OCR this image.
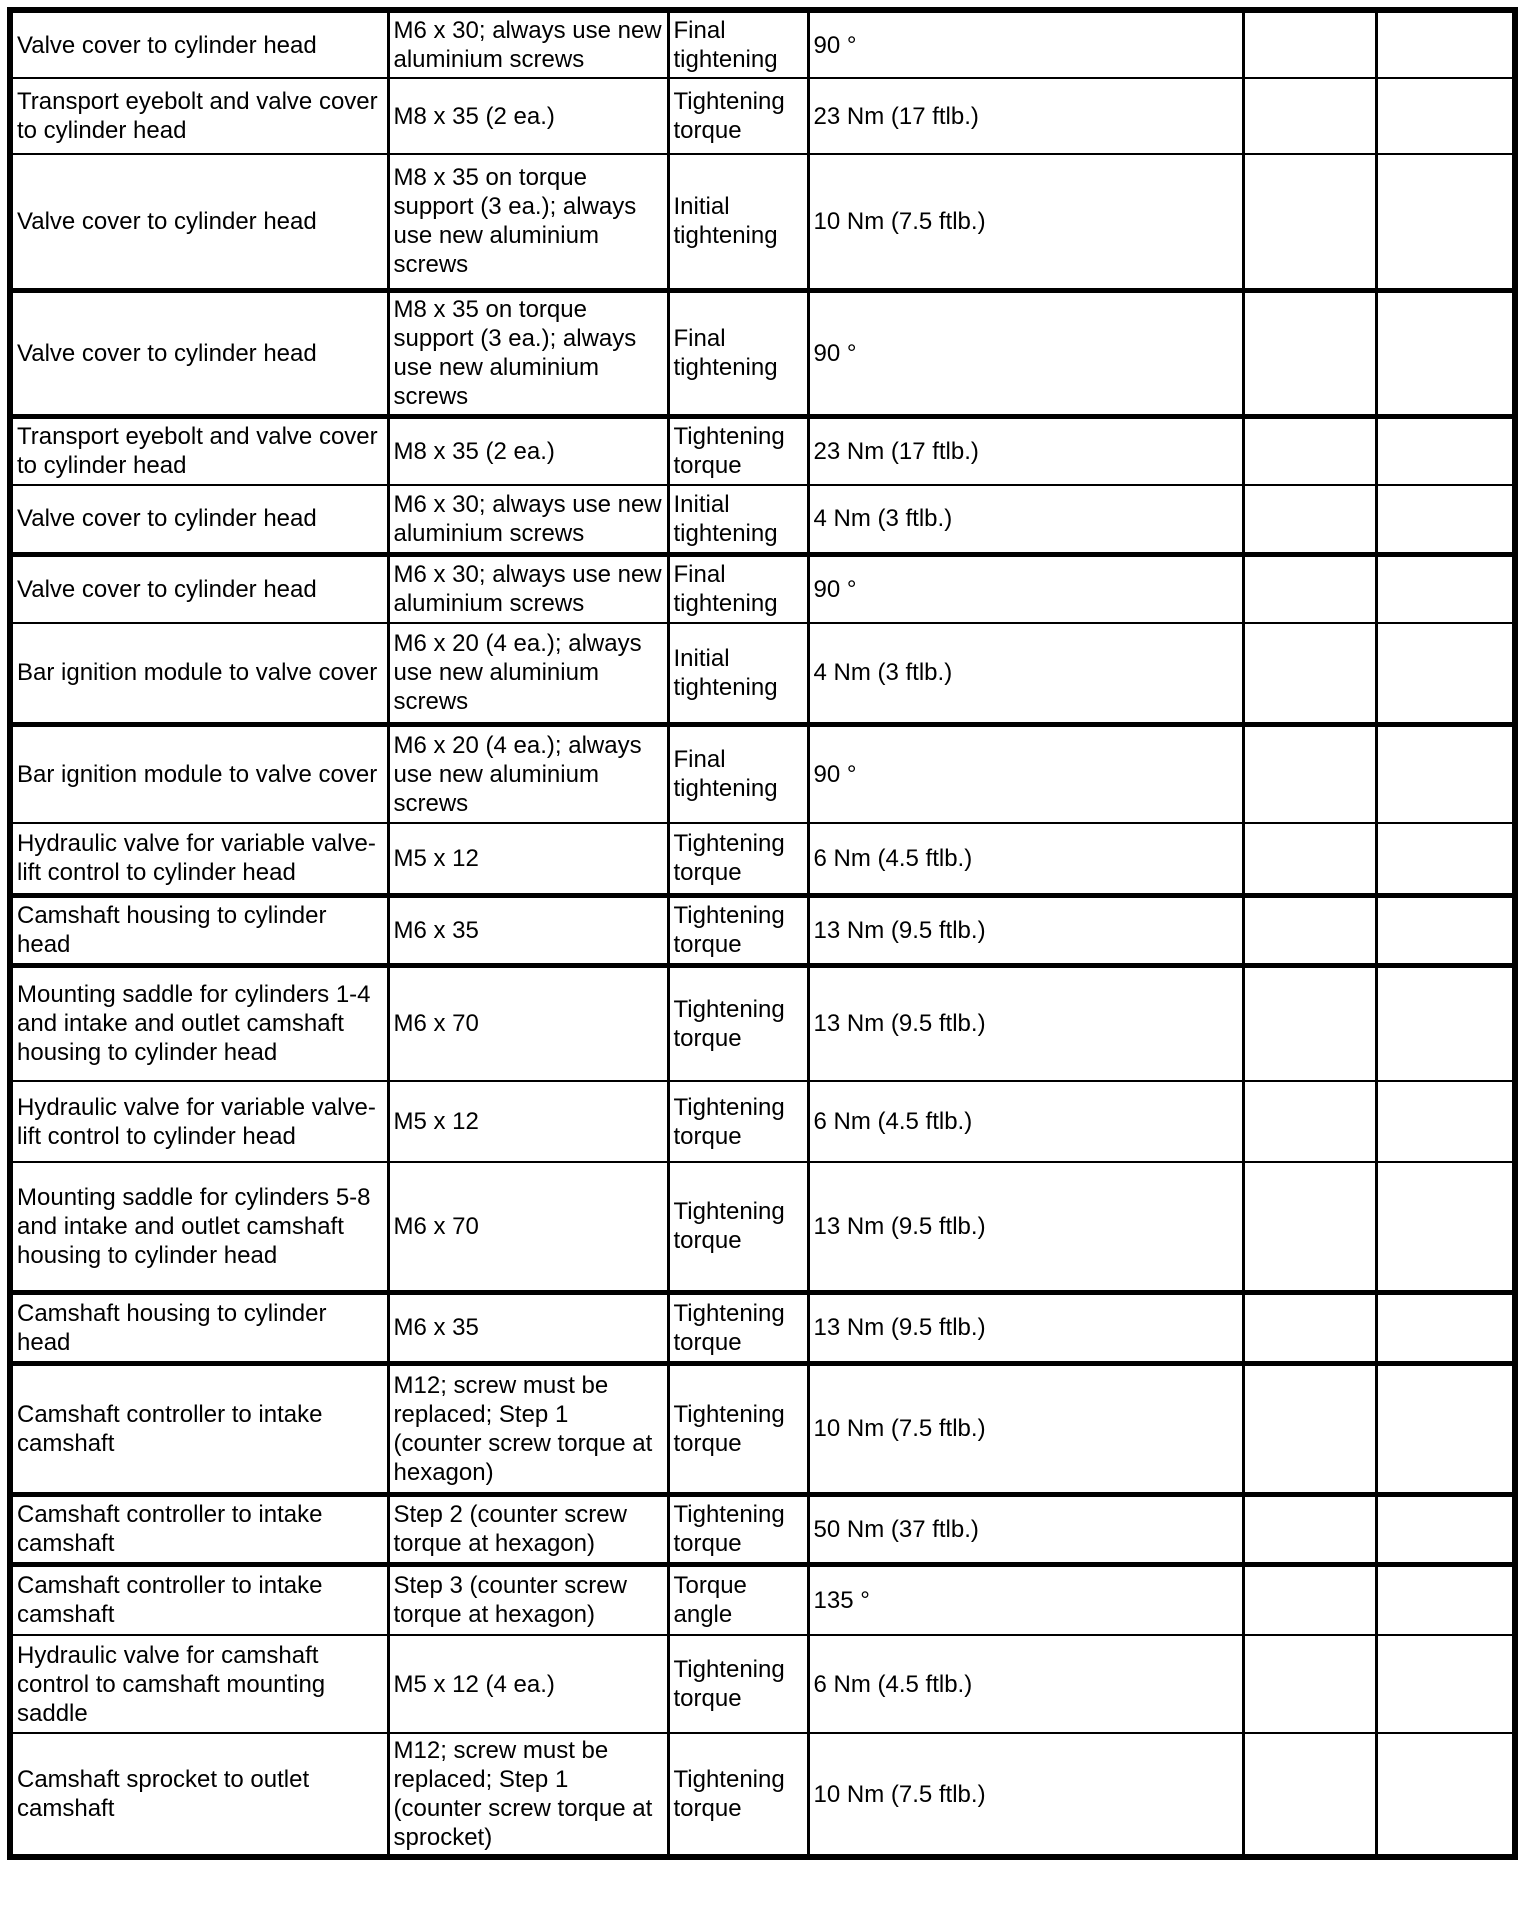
Valve cover to cylinder head	M6 x 30; always use new aluminium screws	Final tightening	90 °		
Transport eyebolt and valve cover to cylinder head	M8 x 35 (2 ea.)	Tightening torque	23 Nm (17 ftlb.)		
Valve cover to cylinder head	M8 x 35 on torque support (3 ea.); always use new aluminium screws	Initial tightening	10 Nm (7.5 ftlb.)		
Valve cover to cylinder head	M8 x 35 on torque support (3 ea.); always use new aluminium screws	Final tightening	90 °		
Transport eyebolt and valve cover to cylinder head	M8 x 35 (2 ea.)	Tightening torque	23 Nm (17 ftlb.)		
Valve cover to cylinder head	M6 x 30; always use new aluminium screws	Initial tightening	4 Nm (3 ftlb.)		
Valve cover to cylinder head	M6 x 30; always use new aluminium screws	Final tightening	90 °		
Bar ignition module to valve cover	M6 x 20 (4 ea.); always use new aluminium screws	Initial tightening	4 Nm (3 ftlb.)		
Bar ignition module to valve cover	M6 x 20 (4 ea.); always use new aluminium screws	Final tightening	90 °		
Hydraulic valve for variable valve-lift control to cylinder head	M5 x 12	Tightening torque	6 Nm (4.5 ftlb.)		
Camshaft housing to cylinder head	M6 x 35	Tightening torque	13 Nm (9.5 ftlb.)		
Mounting saddle for cylinders 1-4 and intake and outlet camshaft housing to cylinder head	M6 x 70	Tightening torque	13 Nm (9.5 ftlb.)		
Hydraulic valve for variable valve-lift control to cylinder head	M5 x 12	Tightening torque	6 Nm (4.5 ftlb.)		
Mounting saddle for cylinders 5-8 and intake and outlet camshaft housing to cylinder head	M6 x 70	Tightening torque	13 Nm (9.5 ftlb.)		
Camshaft housing to cylinder head	M6 x 35	Tightening torque	13 Nm (9.5 ftlb.)		
Camshaft controller to intake camshaft	M12; screw must be replaced; Step 1 (counter screw torque at hexagon)	Tightening torque	10 Nm (7.5 ftlb.)		
Camshaft controller to intake camshaft	Step 2 (counter screw torque at hexagon)	Tightening torque	50 Nm (37 ftlb.)		
Camshaft controller to intake camshaft	Step 3 (counter screw torque at hexagon)	Torque angle	135 °		
Hydraulic valve for camshaft control to camshaft mounting saddle	M5 x 12 (4 ea.)	Tightening torque	6 Nm (4.5 ftlb.)		
Camshaft sprocket to outlet camshaft	M12; screw must be replaced; Step 1 (counter screw torque at sprocket)	Tightening torque	10 Nm (7.5 ftlb.)		
